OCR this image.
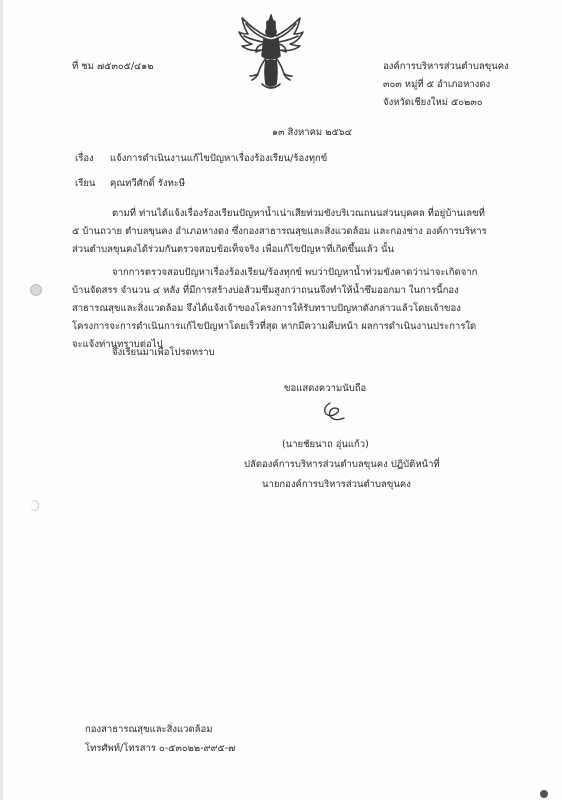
ที่ ชม ๗๕๓๐๕/๔๑๒	องค์การบริหารส่วนตำบลขุนคง
๓๐๓ หมู่ที่ ๕ อำเภอหางดง
จังหวัดเชียงใหม่ ๕๐๒๓๐
๑๓ สิงหาคม ๒๕๖๔
เรื่อง แจ้งการดำเนินงานแก้ไขปัญหาเรื่องร้องเรียน/ร้องทุกข์
เรียน คุณทวีศักดิ์ รังทะษี
ตามที่ ท่านได้แจ้งเรื่องร้องเรียนปัญหาน้ำเน่าเสียท่วมขังบริเวณถนนส่วนบุคคล ที่อยู่บ้านเลขที่ ๕ บ้านถวาย ตำบลขุนคง อำเภอหางดง ซึ่งกองสาธารณสุขและสิ่งแวดล้อม และกองช่าง องค์การบริหารส่วนตำบลขุนคงได้ร่วมกันตรวจสอบข้อเท็จจริง เพื่อแก้ไขปัญหาที่เกิดขึ้นแล้ว นั้น
จากการตรวจสอบปัญหาเรื่องร้องเรียน/ร้องทุกข์ พบว่าปัญหาน้ำท่วมขังคาดว่าน่าจะเกิดจากบ้านจัดสรร จำนวน ๔ หลัง ที่มีการสร้างบ่อส้วมซึมสูงกว่าถนนจึงทำให้น้ำซึมออกมา ในการนี้กองสาธารณสุขและสิ่งแวดล้อม จึงได้แจ้งเจ้าของโครงการให้รับทราบปัญหาดังกล่าวแล้วโดยเจ้าของโครงการจะการดำเนินการแก้ไขปัญหาโดยเร็วที่สุด หากมีความคืบหน้า ผลการดำเนินงานประการใดจะแจ้งท่านทราบต่อไป
จึงเรียนมาเพื่อโปรดทราบ
ขอแสดงความนับถือ
(นายชัยนาถ อุ่นแก้ว)
ปลัดองค์การบริหารส่วนตำบลขุนคง ปฏิบัติหน้าที่
นายกองค์การบริหารส่วนตำบลขุนคง
กองสาธารณสุขและสิ่งแวดล้อม
โทรศัพท์/โทรสาร ๐-๕๓๐๒๒-๙๙๕-๗
